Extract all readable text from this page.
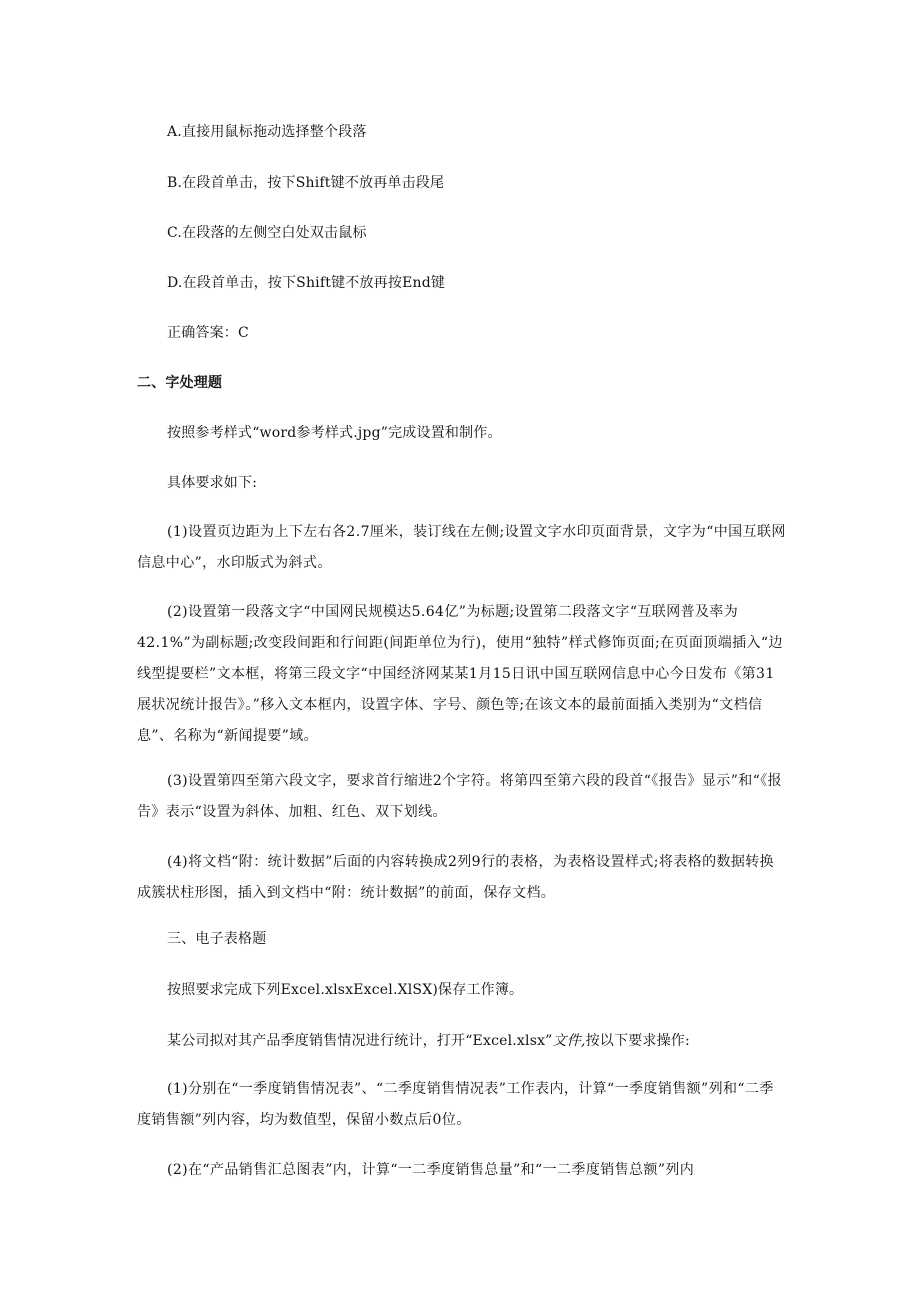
A.直接用鼠标拖动选择整个段落
B.在段首单击，按下Shift键不放再单击段尾
C.在段落的左侧空白处双击鼠标
D.在段首单击，按下Shift键不放再按End键
正确答案：C
二、字处理题
按照参考样式“word参考样式.jpg”完成设置和制作。
具体要求如下:
(1)设置页边距为上下左右各2.7厘米，装订线在左侧;设置文字水印页面背景，文字为“中国互联网信息中心”，水印版式为斜式。
(2)设置第一段落文字“中国网民规模达5.64亿”为标题;设置第二段落文字“互联网普及率为42.1%”为副标题;改变段间距和行间距(间距单位为行)，使用“独特”样式修饰页面;在页面顶端插入“边线型提要栏”文本框，将第三段文字“中国经济网某某1月15日讯中国互联网信息中心今日发布《第31展状况统计报告》。”移入文本框内，设置字体、字号、颜色等;在该文本的最前面插入类别为“文档信息”、名称为“新闻提要”域。
(3)设置第四至第六段文字，要求首行缩进2个字符。将第四至第六段的段首“《报告》显示”和“《报告》表示“设置为斜体、加粗、红色、双下划线。
(4)将文档“附：统计数据”后面的内容转换成2列9行的表格，为表格设置样式;将表格的数据转换成簇状柱形图，插入到文档中“附：统计数据”的前面，保存文档。
三、电子表格题
按照要求完成下列Excel.xlsxExcel.XlSX)保存工作簿。
某公司拟对其产品季度销售情况进行统计，打开“Excel.xlsx”文件,按以下要求操作:
(1)分别在“一季度销售情况表”、“二季度销售情况表”工作表内，计算“一季度销售额”列和“二季度销售额”列内容，均为数值型，保留小数点后0位。
(2)在“产品销售汇总图表”内，计算“一二季度销售总量”和“一二季度销售总额”列内
